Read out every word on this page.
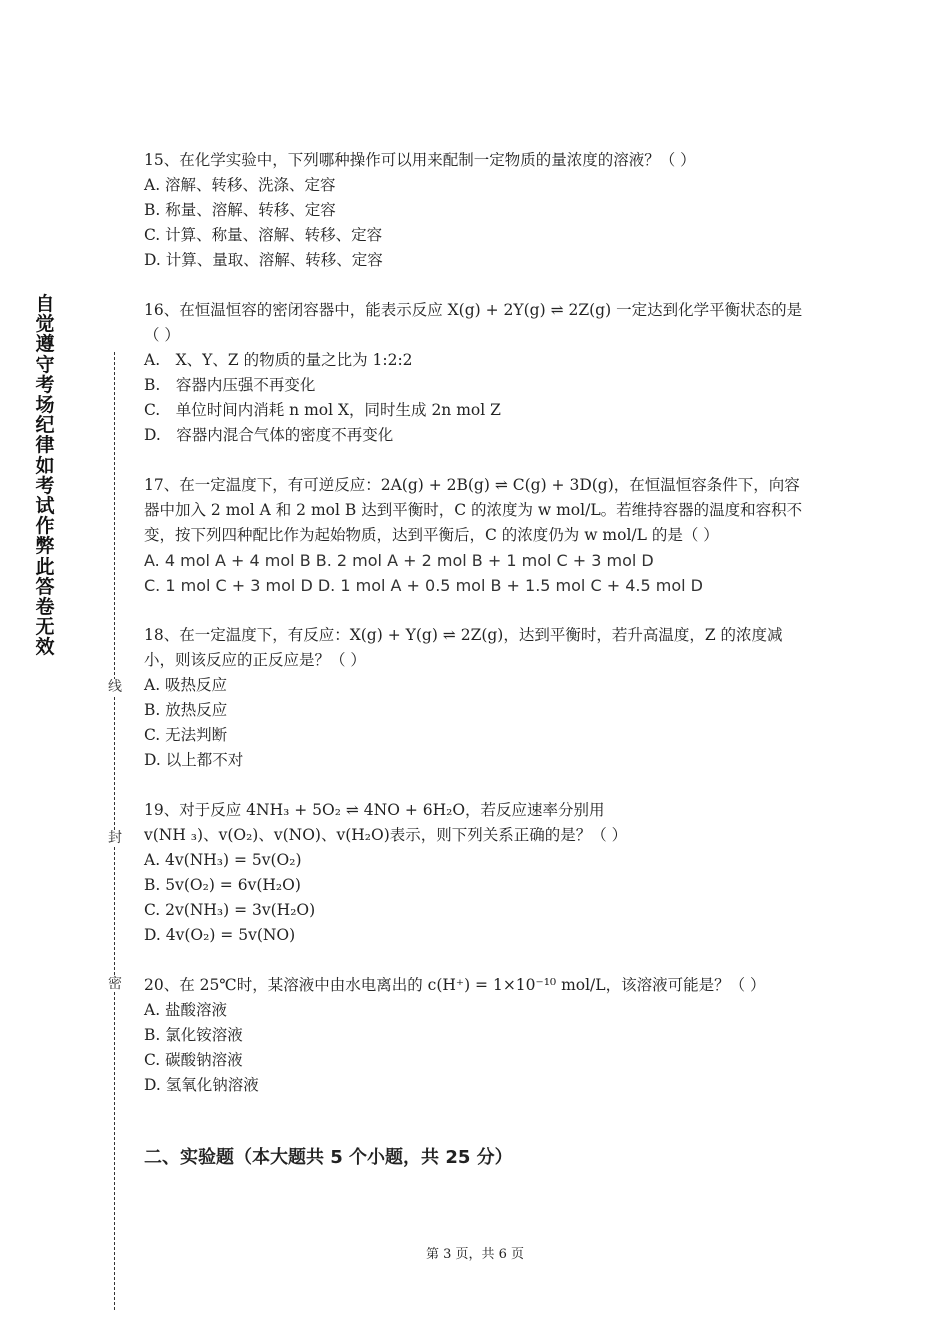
自觉遵守考场纪律如考试作弊此答卷无效
线
封
密

15、在化学实验中，下列哪种操作可以用来配制一定物质的量浓度的溶液？（ ）

A. 溶解、转移、洗涤、定容

B. 称量、溶解、转移、定容

C. 计算、称量、溶解、转移、定容

D. 计算、量取、溶解、转移、定容

16、在恒温恒容的密闭容器中，能表示反应 X(g) + 2Y(g) ⇌ 2Z(g) 一定达到化学平衡状态的是（ ）

A.　X、Y、Z 的物质的量之比为 1:2:2

B.　容器内压强不再变化

C.　单位时间内消耗 n mol X，同时生成 2n mol Z

D.　容器内混合气体的密度不再变化

17、在一定温度下，有可逆反应：2A(g) + 2B(g) ⇌ C(g) + 3D(g)，在恒温恒容条件下，向容器中加入 2 mol A 和 2 mol B 达到平衡时，C 的浓度为 w mol/L。若维持容器的温度和容积不变，按下列四种配比作为起始物质，达到平衡后，C 的浓度仍为 w mol/L 的是（ ）

A. 4 mol A + 4 mol B B. 2 mol A + 2 mol B + 1 mol C + 3 mol D

C. 1 mol C + 3 mol D D. 1 mol A + 0.5 mol B + 1.5 mol C + 4.5 mol D

18、在一定温度下，有反应：X(g) + Y(g) ⇌ 2Z(g)，达到平衡时，若升高温度，Z 的浓度减小，则该反应的正反应是？（ ）

A. 吸热反应

B. 放热反应

C. 无法判断

D. 以上都不对

19、对于反应 4NH₃ + 5O₂ ⇌ 4NO + 6H₂O，若反应速率分别用

v(NH ₃)、v(O₂)、v(NO)、v(H₂O)表示，则下列关系正确的是？（ ）

A. 4v(NH₃) = 5v(O₂)

B. 5v(O₂) = 6v(H₂O)

C. 2v(NH₃) = 3v(H₂O)

D. 4v(O₂) = 5v(NO)

20、在 25℃时，某溶液中由水电离出的 c(H⁺) = 1×10⁻¹⁰ mol/L，该溶液可能是？（ ）

A. 盐酸溶液

B. 氯化铵溶液

C. 碳酸钠溶液

D. 氢氧化钠溶液

二、实验题（本大题共 5 个小题，共 25 分）
第 3 页，共 6 页
